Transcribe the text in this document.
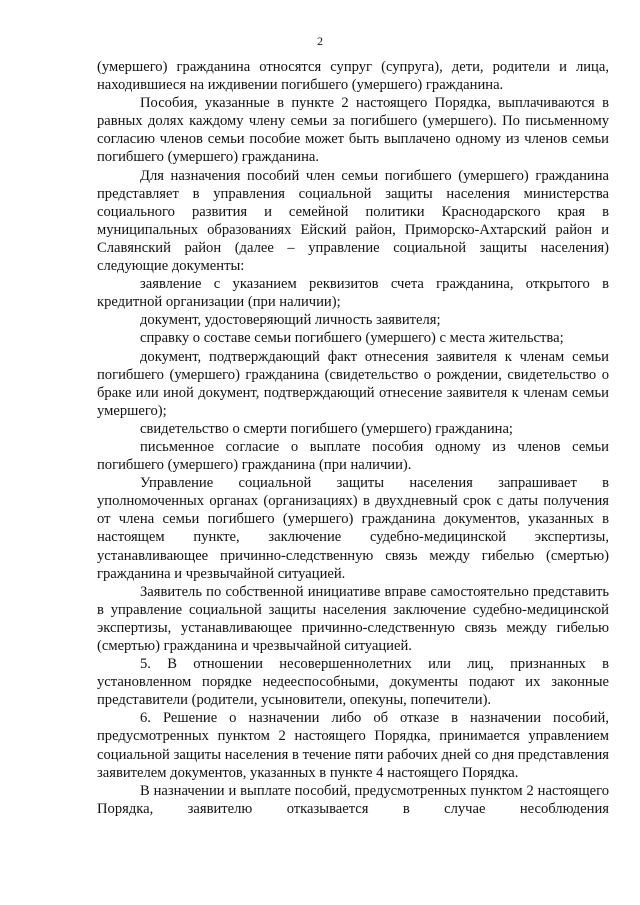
2

(умершего) гражданина относятся супруг (супруга), дети, родители и лица, находившиеся на иждивении погибшего (умершего) гражданина.

Пособия, указанные в пункте 2 настоящего Порядка, выплачиваются в равных долях каждому члену семьи за погибшего (умершего). По письменному согласию членов семьи пособие может быть выплачено одному из членов семьи погибшего (умершего) гражданина.

Для назначения пособий член семьи погибшего (умершего) гражданина представляет в управления социальной защиты населения министерства социального развития и семейной политики Краснодарского края в муниципальных образованиях Ейский район, Приморско-Ахтарский район и Славянский район (далее – управление социальной защиты населения) следующие документы:

заявление с указанием реквизитов счета гражданина, открытого в кредитной организации (при наличии);

документ, удостоверяющий личность заявителя;

справку о составе семьи погибшего (умершего) с места жительства;

документ, подтверждающий факт отнесения заявителя к членам семьи погибшего (умершего) гражданина (свидетельство о рождении, свидетельство о браке или иной документ, подтверждающий отнесение заявителя к членам семьи умершего);

свидетельство о смерти погибшего (умершего) гражданина;

письменное согласие о выплате пособия одному из членов семьи погибшего (умершего) гражданина (при наличии).

Управление социальной защиты населения запрашивает в уполномоченных органах (организациях) в двухдневный срок с даты получения от члена семьи погибшего (умершего) гражданина документов, указанных в настоящем пункте, заключение судебно-медицинской экспертизы, устанавливающее причинно-следственную связь между гибелью (смертью) гражданина и чрезвычайной ситуацией.

Заявитель по собственной инициативе вправе самостоятельно представить в управление социальной защиты населения заключение судебно-медицинской экспертизы, устанавливающее причинно-следственную связь между гибелью (смертью) гражданина и чрезвычайной ситуацией.

5. В отношении несовершеннолетних или лиц, признанных в установленном порядке недееспособными, документы подают их законные представители (родители, усыновители, опекуны, попечители).

6. Решение о назначении либо об отказе в назначении пособий, предусмотренных пунктом 2 настоящего Порядка, принимается управлением социальной защиты населения в течение пяти рабочих дней со дня представления заявителем документов, указанных в пункте 4 настоящего Порядка.

В назначении и выплате пособий, предусмотренных пунктом 2 настоящего Порядка, заявителю отказывается в случае несоблюдения
